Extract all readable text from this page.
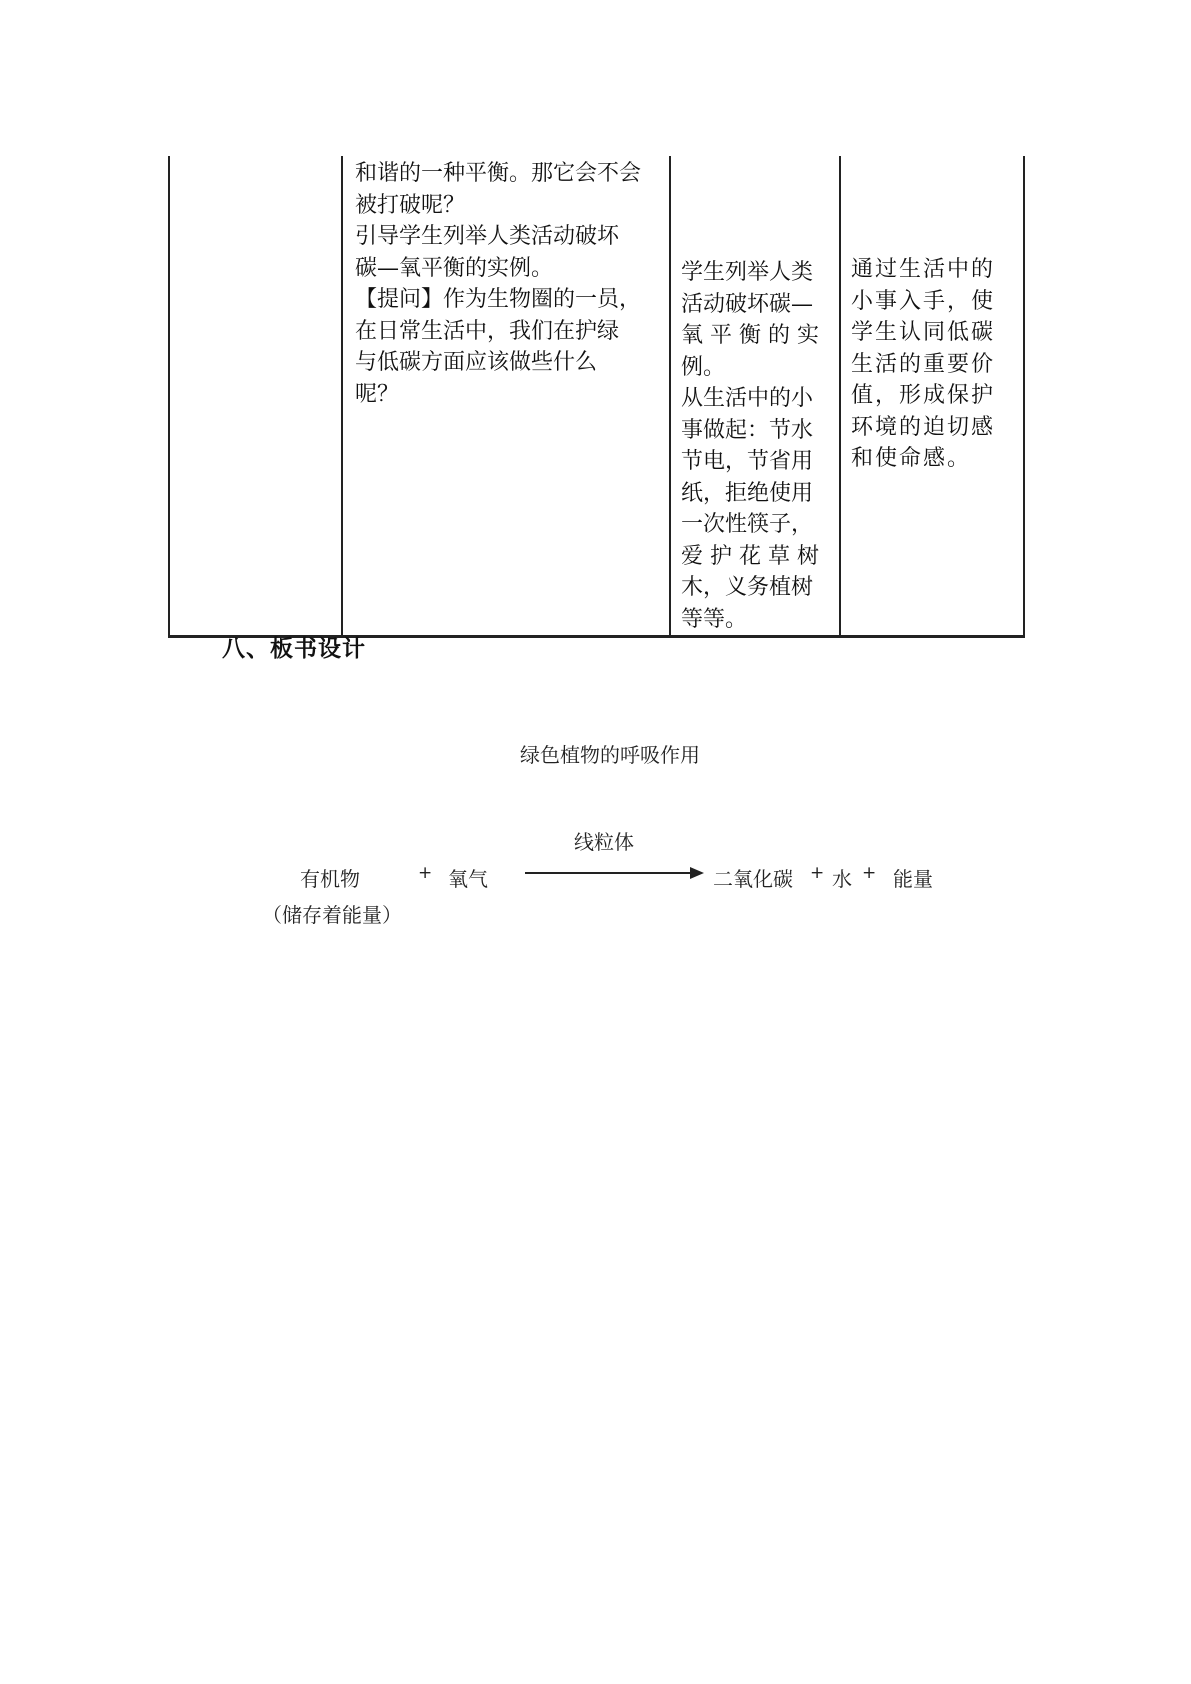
和谐的一种平衡。那它会不会
被打破呢？
引导学生列举人类活动破坏
碳—氧平衡的实例。
【提问】作为生物圈的一员，
在日常生活中，我们在护绿
与低碳方面应该做些什么
呢？

学生列举人类
活动破坏碳—
氧 平 衡 的 实
例。
从生活中的小
事做起：节水
节电，节省用
纸，拒绝使用
一次性筷子，
爱 护 花 草 树
木，义务植树
等等。

通过生活中的
小事入手，使
学生认同低碳
生活的重要价
值，形成保护
环境的迫切感
和使命感。
八、板书设计
绿色植物的呼吸作用
线粒体
有机物
（储存着能量）
+ 氧气	二氧化碳 + 水 + 能量
